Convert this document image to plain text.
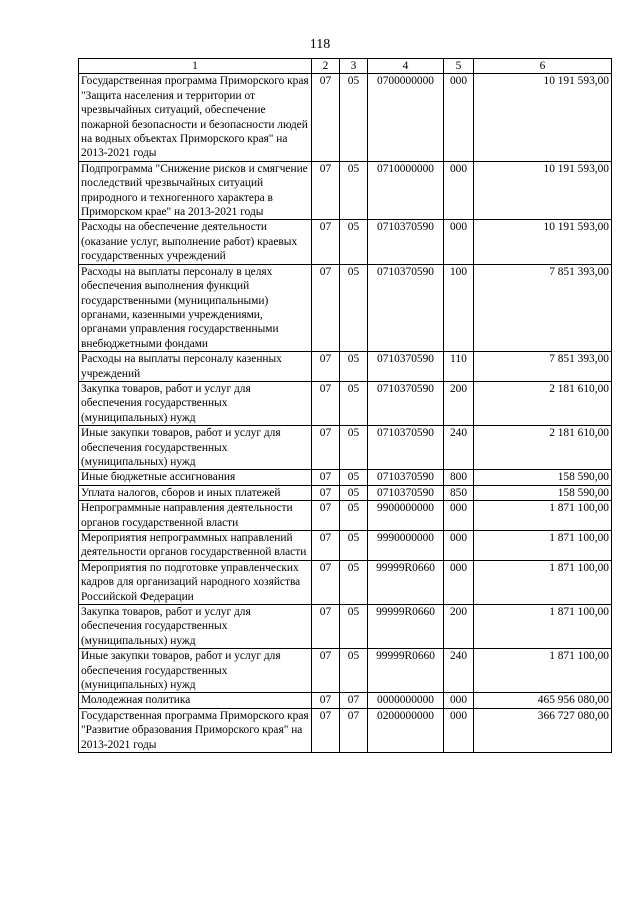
118
1	2	3	4	5	6
Государственная программа Приморского края "Защита населения и территории от чрезвычайных ситуаций, обеспечение пожарной безопасности и безопасности людей на водных объектах Приморского края" на 2013-2021 годы	07	05	0700000000	000	10 191 593,00
Подпрограмма "Снижение рисков и смягчение последствий чрезвычайных ситуаций природного и техногенного характера в Приморском крае" на 2013-2021 годы	07	05	0710000000	000	10 191 593,00
Расходы на обеспечение деятельности (оказание услуг, выполнение работ) краевых государственных учреждений	07	05	0710370590	000	10 191 593,00
Расходы на выплаты персоналу в целях обеспечения выполнения функций государственными (муниципальными) органами, казенными учреждениями, органами управления государственными внебюджетными фондами	07	05	0710370590	100	7 851 393,00
Расходы на выплаты персоналу казенных учреждений	07	05	0710370590	110	7 851 393,00
Закупка товаров, работ и услуг для обеспечения государственных (муниципальных) нужд	07	05	0710370590	200	2 181 610,00
Иные закупки товаров, работ и услуг для обеспечения государственных (муниципальных) нужд	07	05	0710370590	240	2 181 610,00
Иные бюджетные ассигнования	07	05	0710370590	800	158 590,00
Уплата налогов, сборов и иных платежей	07	05	0710370590	850	158 590,00
Непрограммные направления деятельности органов государственной власти	07	05	9900000000	000	1 871 100,00
Мероприятия непрограммных направлений деятельности органов государственной власти	07	05	9990000000	000	1 871 100,00
Мероприятия по подготовке управленческих кадров для организаций народного хозяйства Российской Федерации	07	05	99999R0660	000	1 871 100,00
Закупка товаров, работ и услуг для обеспечения государственных (муниципальных) нужд	07	05	99999R0660	200	1 871 100,00
Иные закупки товаров, работ и услуг для обеспечения государственных (муниципальных) нужд	07	05	99999R0660	240	1 871 100,00
Молодежная политика	07	07	0000000000	000	465 956 080,00
Государственная программа Приморского края "Развитие образования Приморского края" на 2013-2021 годы	07	07	0200000000	000	366 727 080,00
